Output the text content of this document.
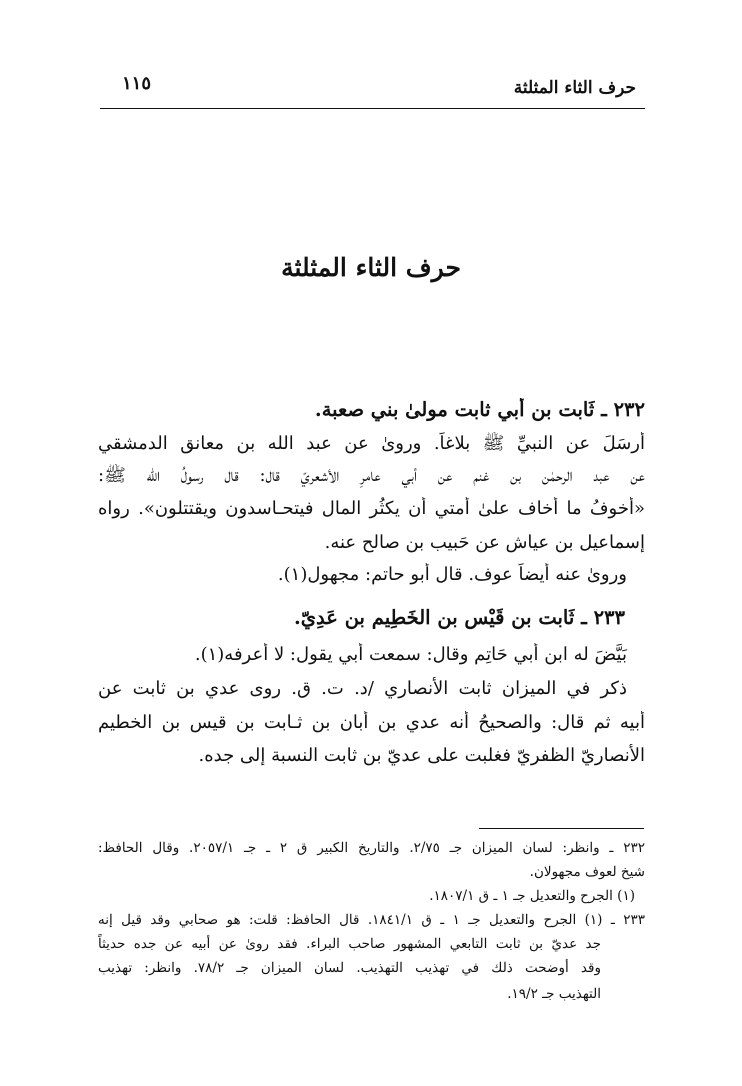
حرف الثاء المثلثة
١١٥
حرف الثاء المثلثة
٢٣٢ ـ ثَابت بن أبي ثابت مولىٰ بني صعبة.
أرسَلَ عن النبيِّ ﷺ بلاغاً. وروىٰ عن عبد الله بن معانق الدمشقي
عن عبد الرحمٰن بن غنم عن أبي عامرِ الأشعريّ قال: قال رسولُ الله ﷺ:
«أخوفُ ما أخاف علىٰ أُمتي أن يكثُر المال فيتحـاسدون ويقتتلون». رواه
إسماعيل بن عياش عن حَبيب بن صالح عنه.
وروىٰ عنه أيضاً عوف. قال أبو حاتم: مجهول(١).
٢٣٣ ـ ثَابت بن قَيْس بن الخَطِيم بن عَدِيّ.
بَيَّضَ له ابن أبي حَاتِم وقال: سمعت أبي يقول: لا أعرفه(١).
ذكر في الميزان ثابت الأنصاري /د. ت. ق. روى عدي بن ثابت عن
أبيه ثم قال: والصحيحُ أنه عدي بن أبان بن ثـابت بن قيس بن الخطيم
الأنصاريّ الظفريّ فغلبت على عديّ بن ثابت النسبة إلى جده.
٢٣٢ ـ وانظر: لسان الميزان جـ ٢/٧٥. والتاريخ الكبير ق ٢ ـ جـ ٢٠٥٧/١. وقال الحافظ:
شيخ لعوف مجهولان.
(١) الجرح والتعديل جـ ١ ـ ق ١٨٠٧/١.
٢٣٣ ـ (١) الجرح والتعديل جـ ١ ـ ق ١٨٤١/١. قال الحافظ: قلت: هو صحابي وقد قيل إنه
جد عديّ بن ثابت التابعي المشهور صاحب البراء. فقد روىٰ عن أبيه عن جده حديثاً
وقد أوضحت ذلك في تهذيب التهذيب. لسان الميزان جـ ٧٨/٢. وانظر: تهذيب
التهذيب جـ ١٩/٢.
